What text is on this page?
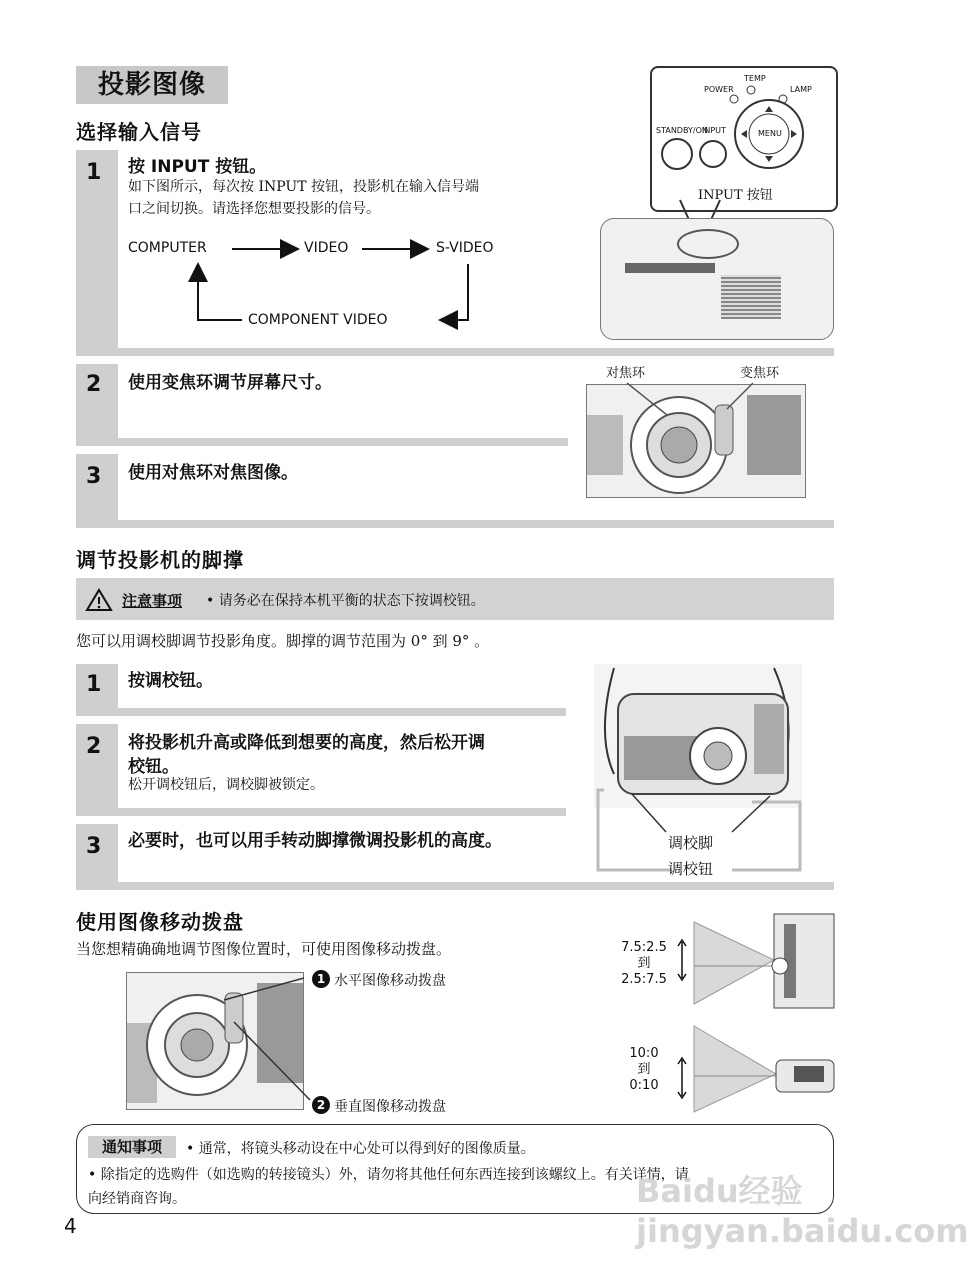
投影图像
选择输入信号
1 按 INPUT 按钮。
如下图所示，每次按 INPUT 按钮，投影机在输入信号端
口之间切换。请选择您想要投影的信号。
COMPUTER	VIDEO	S-VIDEO
COMPONENT VIDEO
TEMP
POWER	LAMP
STANDBY/ON
INPUT	MENU
INPUT 按钮
2 使用变焦环调节屏幕尺寸。
3 使用对焦环对焦图像。
对焦环	变焦环
调节投影机的脚撑
注意事项 • 请务必在保持本机平衡的状态下按调校钮。
您可以用调校脚调节投影角度。脚撑的调节范围为 0° 到 9° 。
1 按调校钮。
2 将投影机升高或降低到想要的高度，然后松开调
校钮。
松开调校钮后，调校脚被锁定。
3 必要时，也可以用手转动脚撑微调投影机的高度。	调校脚
调校钮
使用图像移动拨盘
当您想精确确地调节图像位置时，可使用图像移动拨盘。
1 水平图像移动拨盘
2 垂直图像移动拨盘
7.5:2.5
到
2.5:7.5
10:0
到
0:10
通知事项	• 通常，将镜头移动设在中心处可以得到好的图像质量。
• 除指定的选购件（如选购的转接镜头）外，请勿将其他任何东西连接到该螺纹上。有关详情，请
向经销商咨询。
4
Baidu经验 jingyan.baidu.com
